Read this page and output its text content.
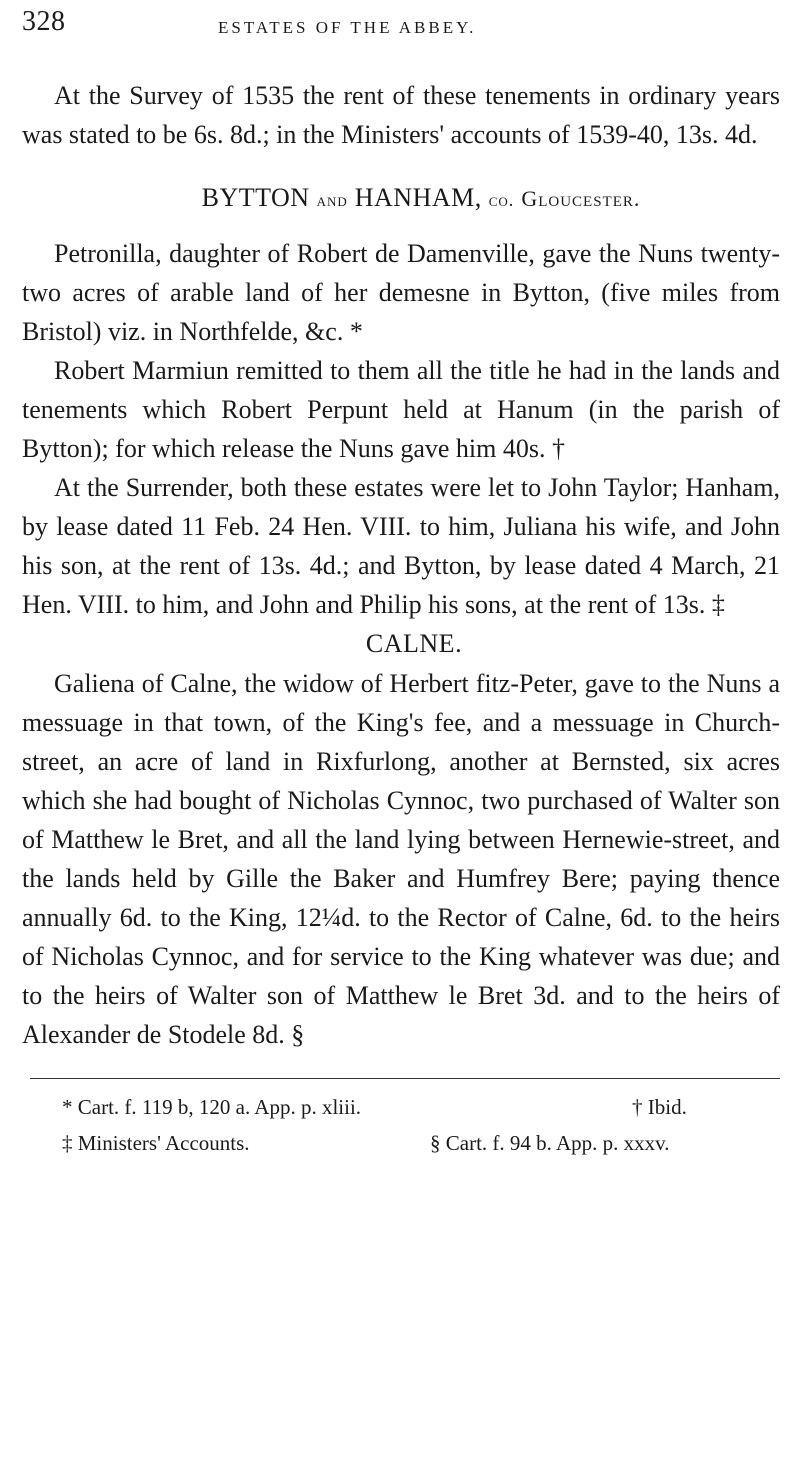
328	ESTATES OF THE ABBEY.

At the Survey of 1535 the rent of these tenements in ordinary years was stated to be 6s. 8d.; in the Ministers' accounts of 1539-40, 13s. 4d.

BYTTON and HANHAM, co. Gloucester.

Petronilla, daughter of Robert de Damenville, gave the Nuns twenty-two acres of arable land of her demesne in Bytton, (five miles from Bristol) viz. in Northfelde, &c. *

Robert Marmiun remitted to them all the title he had in the lands and tenements which Robert Perpunt held at Hanum (in the parish of Bytton); for which release the Nuns gave him 40s. †

At the Surrender, both these estates were let to John Taylor; Hanham, by lease dated 11 Feb. 24 Hen. VIII. to him, Juliana his wife, and John his son, at the rent of 13s. 4d.; and Bytton, by lease dated 4 March, 21 Hen. VIII. to him, and John and Philip his sons, at the rent of 13s. ‡

CALNE.

Galiena of Calne, the widow of Herbert fitz-Peter, gave to the Nuns a messuage in that town, of the King's fee, and a messuage in Church-street, an acre of land in Rixfurlong, another at Bernsted, six acres which she had bought of Nicholas Cynnoc, two purchased of Walter son of Matthew le Bret, and all the land lying between Hernewie-street, and the lands held by Gille the Baker and Humfrey Bere; paying thence annually 6d. to the King, 12¼d. to the Rector of Calne, 6d. to the heirs of Nicholas Cynnoc, and for service to the King whatever was due; and to the heirs of Walter son of Matthew le Bret 3d. and to the heirs of Alexander de Stodele 8d. §

* Cart. f. 119 b, 120 a. App. p. xliii.	† Ibid.
‡ Ministers' Accounts.	§ Cart. f. 94 b. App. p. xxxv.
